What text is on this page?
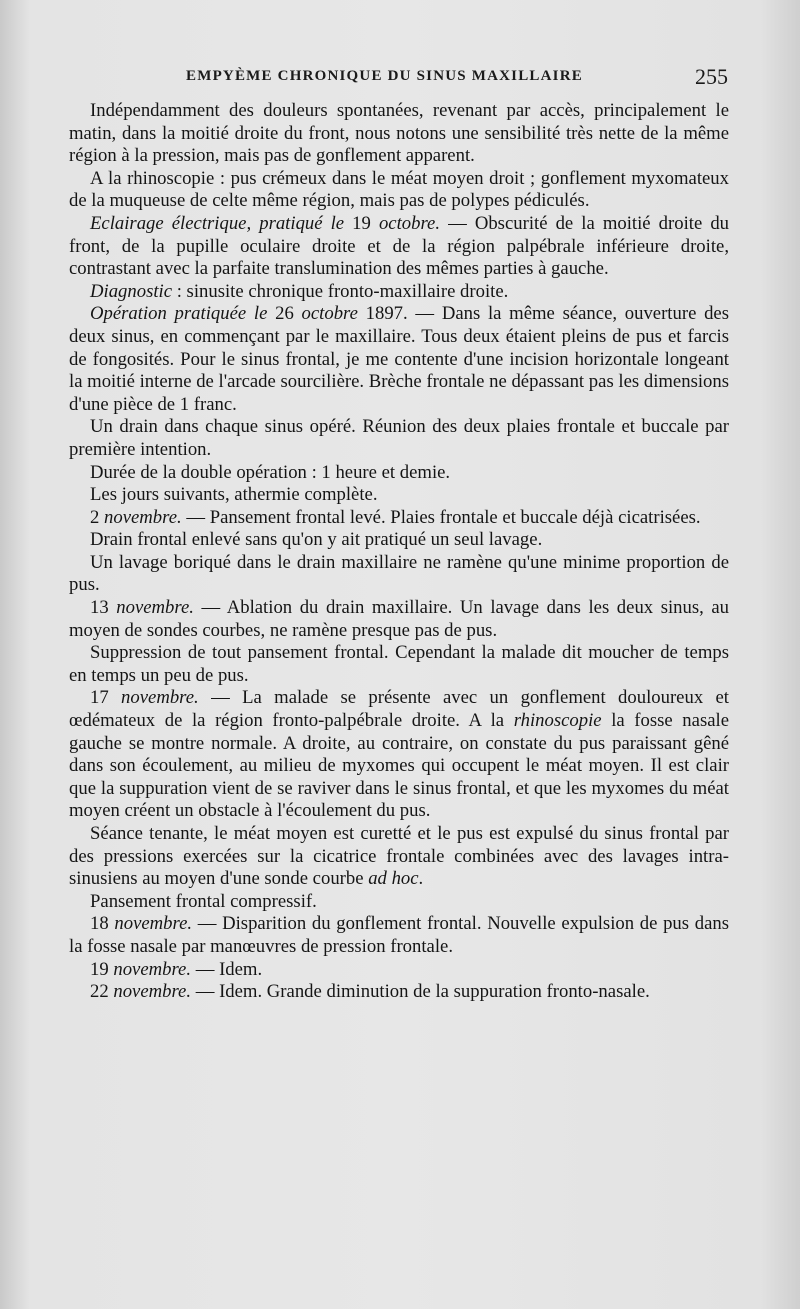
EMPYÈME CHRONIQUE DU SINUS MAXILLAIRE	255

Indépendamment des douleurs spontanées, revenant par accès, principalement le matin, dans la moitié droite du front, nous notons une sensibilité très nette de la même région à la pression, mais pas de gonflement apparent.

A la rhinoscopie : pus crémeux dans le méat moyen droit ; gonflement myxomateux de la muqueuse de celte même région, mais pas de polypes pédiculés.

Eclairage électrique, pratiqué le 19 octobre. — Obscurité de la moitié droite du front, de la pupille oculaire droite et de la région palpébrale inférieure droite, contrastant avec la parfaite translumination des mêmes parties à gauche.

Diagnostic : sinusite chronique fronto-maxillaire droite.

Opération pratiquée le 26 octobre 1897. — Dans la même séance, ouverture des deux sinus, en commençant par le maxillaire. Tous deux étaient pleins de pus et farcis de fongosités. Pour le sinus frontal, je me contente d'une incision horizontale longeant la moitié interne de l'arcade sourcilière. Brèche frontale ne dépassant pas les dimensions d'une pièce de 1 franc.

Un drain dans chaque sinus opéré. Réunion des deux plaies frontale et buccale par première intention.

Durée de la double opération : 1 heure et demie.

Les jours suivants, athermie complète.

2 novembre. — Pansement frontal levé. Plaies frontale et buccale déjà cicatrisées.

Drain frontal enlevé sans qu'on y ait pratiqué un seul lavage.

Un lavage boriqué dans le drain maxillaire ne ramène qu'une minime proportion de pus.

13 novembre. — Ablation du drain maxillaire. Un lavage dans les deux sinus, au moyen de sondes courbes, ne ramène presque pas de pus.

Suppression de tout pansement frontal. Cependant la malade dit moucher de temps en temps un peu de pus.

17 novembre. — La malade se présente avec un gonflement douloureux et œdémateux de la région fronto-palpébrale droite. A la rhinoscopie la fosse nasale gauche se montre normale. A droite, au contraire, on constate du pus paraissant gêné dans son écoulement, au milieu de myxomes qui occupent le méat moyen. Il est clair que la suppuration vient de se raviver dans le sinus frontal, et que les myxomes du méat moyen créent un obstacle à l'écoulement du pus.

Séance tenante, le méat moyen est curetté et le pus est expulsé du sinus frontal par des pressions exercées sur la cicatrice frontale combinées avec des lavages intra-sinusiens au moyen d'une sonde courbe ad hoc.

Pansement frontal compressif.

18 novembre. — Disparition du gonflement frontal. Nouvelle expulsion de pus dans la fosse nasale par manœuvres de pression frontale.

19 novembre. — Idem.

22 novembre. — Idem. Grande diminution de la suppuration fronto-nasale.
